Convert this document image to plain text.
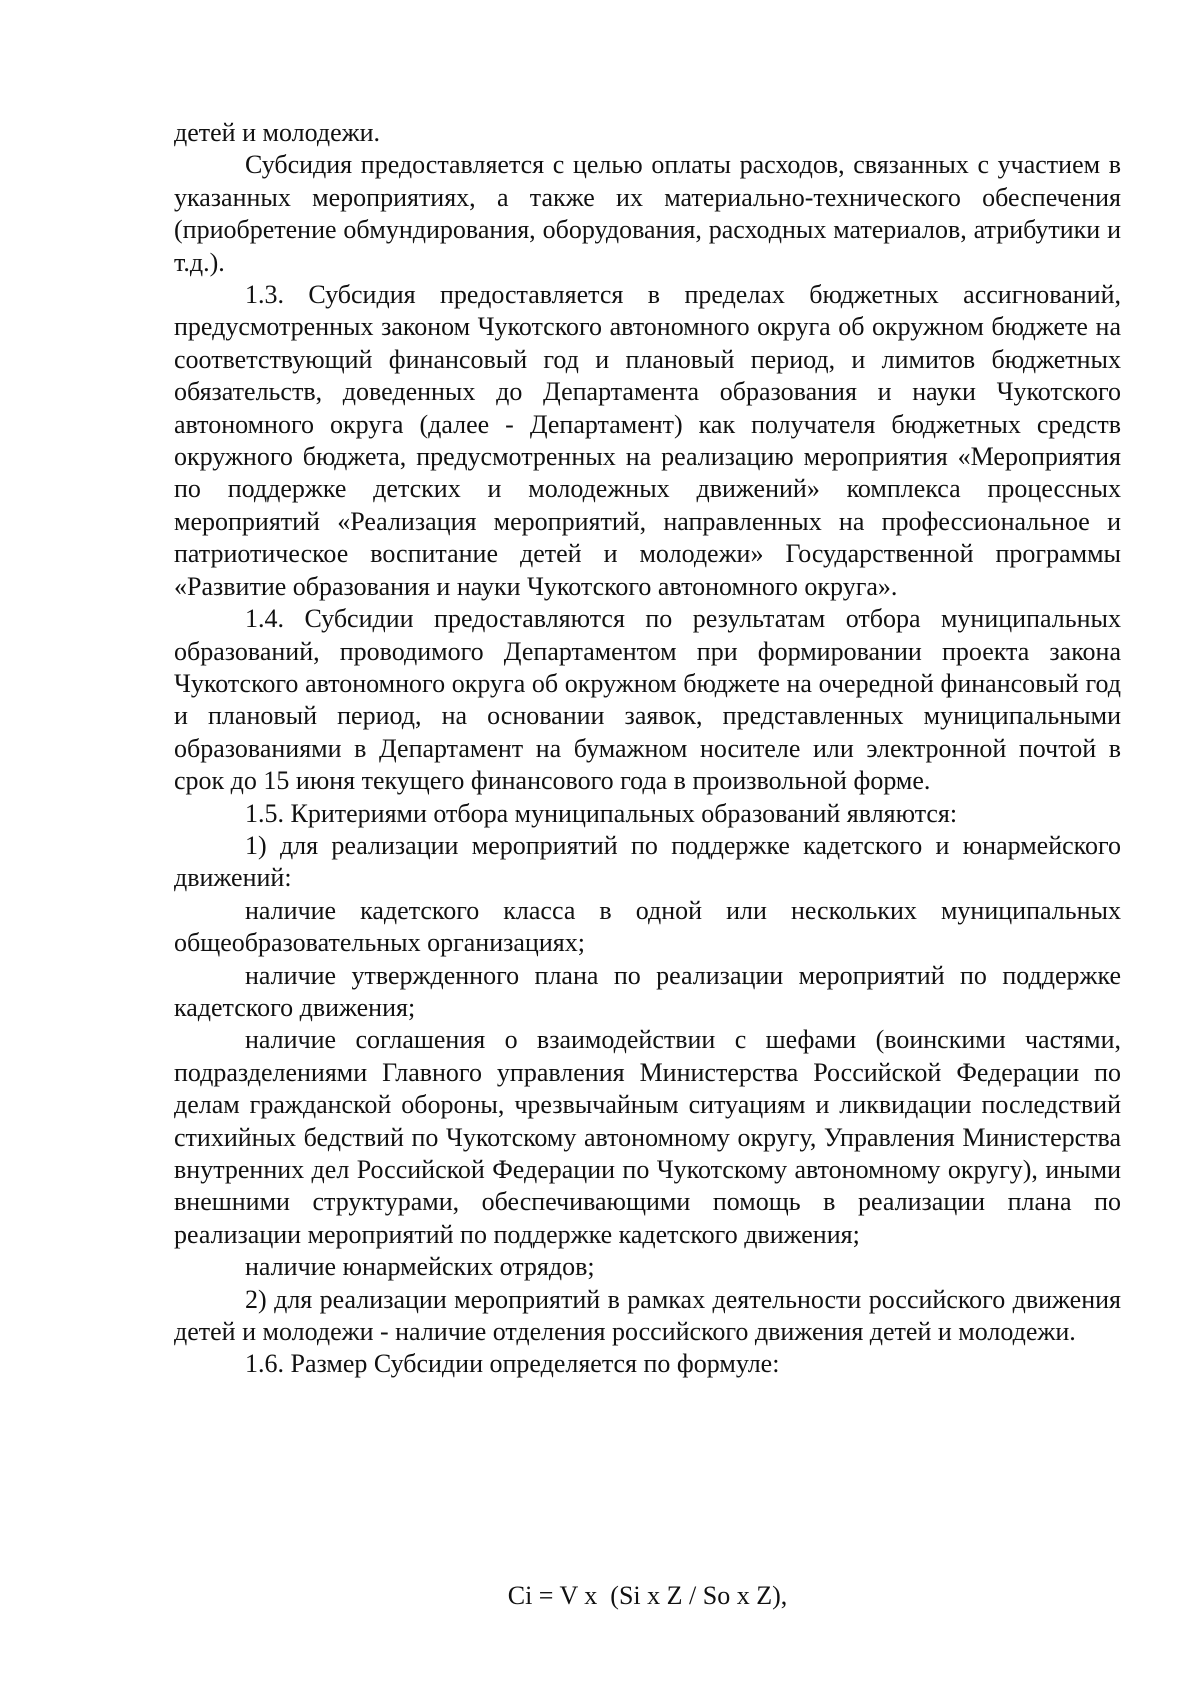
детей и молодежи.

Субсидия предоставляется с целью оплаты расходов, связанных с участием в указанных мероприятиях, а также их материально-технического обеспечения (приобретение обмундирования, оборудования, расходных материалов, атрибутики и т.д.).

1.3. Субсидия предоставляется в пределах бюджетных ассигнований, предусмотренных законом Чукотского автономного округа об окружном бюджете на соответствующий финансовый год и плановый период, и лимитов бюджетных обязательств, доведенных до Департамента образования и науки Чукотского автономного округа (далее - Департамент) как получателя бюджетных средств окружного бюджета, предусмотренных на реализацию мероприятия «Мероприятия по поддержке детских и молодежных движений» комплекса процессных мероприятий «Реализация мероприятий, направленных на профессиональное и патриотическое воспитание детей и молодежи» Государственной программы «Развитие образования и науки Чукотского автономного округа».

1.4. Субсидии предоставляются по результатам отбора муниципальных образований, проводимого Департаментом при формировании проекта закона Чукотского автономного округа об окружном бюджете на очередной финансовый год и плановый период, на основании заявок, представленных муниципальными образованиями в Департамент на бумажном носителе или электронной почтой в срок до 15 июня текущего финансового года в произвольной форме.

1.5. Критериями отбора муниципальных образований являются:

1) для реализации мероприятий по поддержке кадетского и юнармейского движений:

наличие кадетского класса в одной или нескольких муниципальных общеобразовательных организациях;

наличие утвержденного плана по реализации мероприятий по поддержке кадетского движения;

наличие соглашения о взаимодействии с шефами (воинскими частями, подразделениями Главного управления Министерства Российской Федерации по делам гражданской обороны, чрезвычайным ситуациям и ликвидации последствий стихийных бедствий по Чукотскому автономному округу, Управления Министерства внутренних дел Российской Федерации по Чукотскому автономному округу), иными внешними структурами, обеспечивающими помощь в реализации плана по реализации мероприятий по поддержке кадетского движения;

наличие юнармейских отрядов;

2) для реализации мероприятий в рамках деятельности российского движения детей и молодежи - наличие отделения российского движения детей и молодежи.

1.6. Размер Субсидии определяется по формуле:

Ci = V x  (Si x Z / So x Z),
